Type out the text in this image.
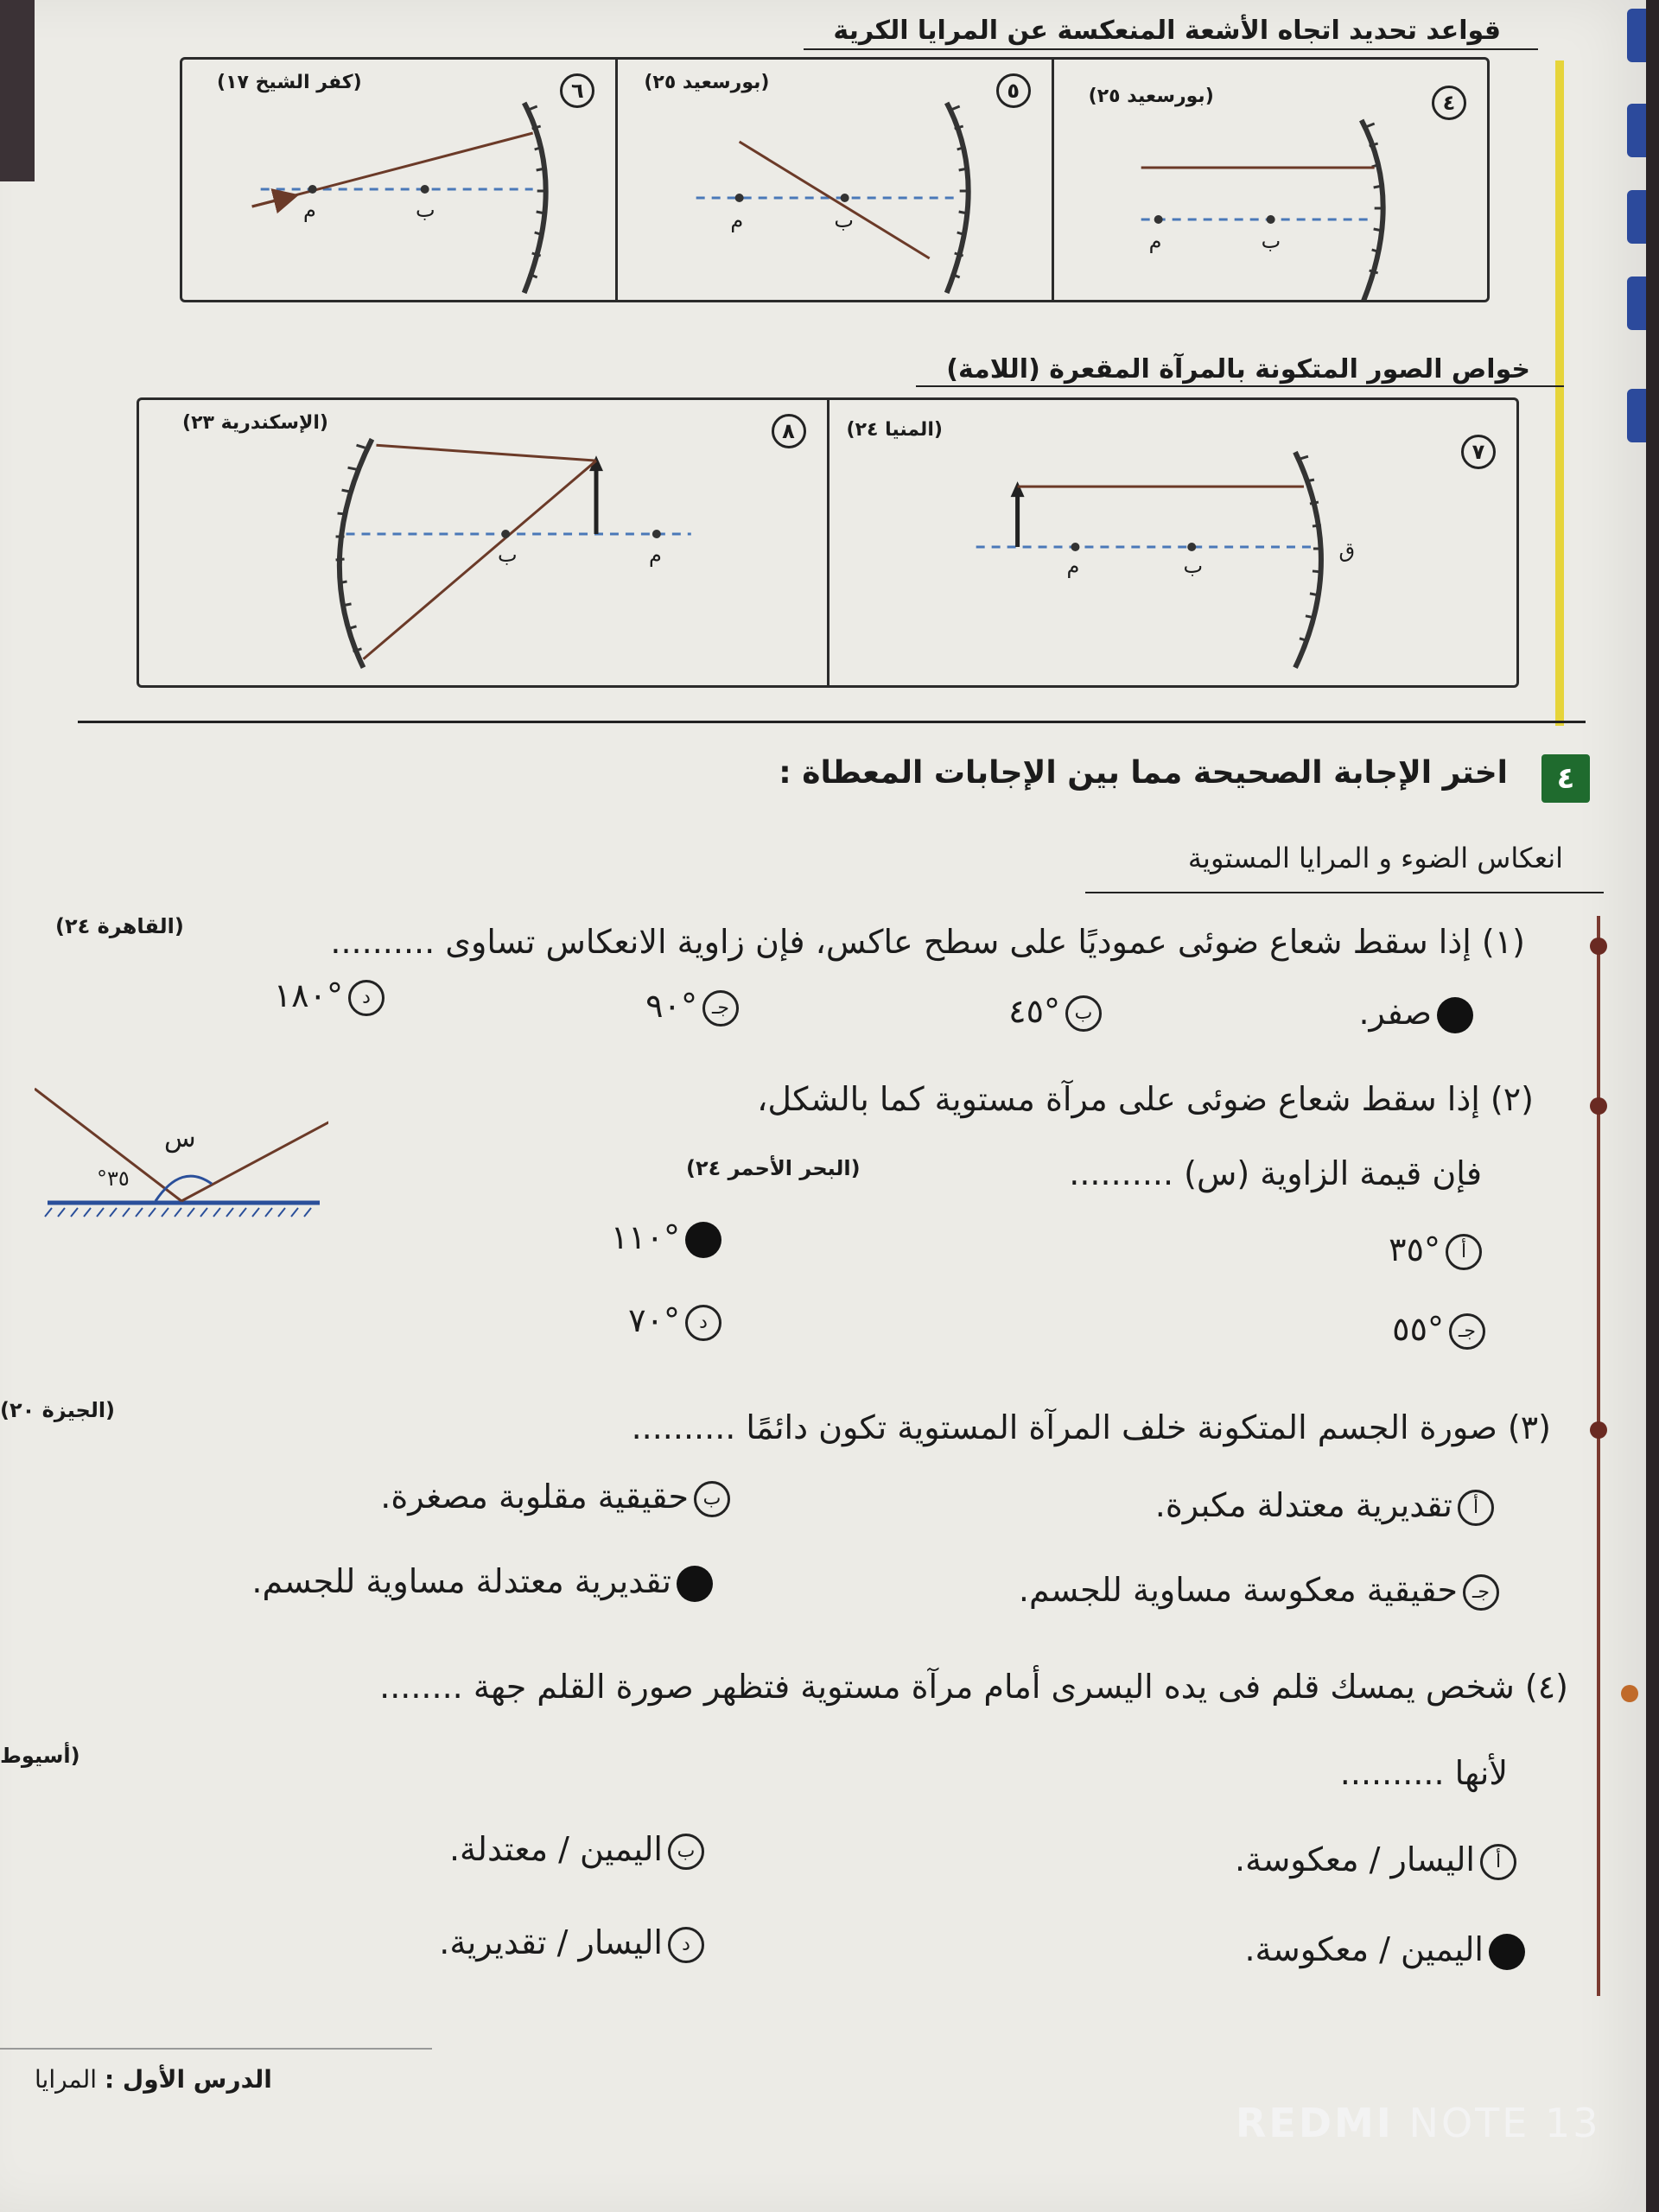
قواعد تحديد اتجاه الأشعة المنعكسة عن المرايا الكرية
٦
(كفر الشيخ ١٧)
م	ب
٥
(بورسعيد ٢٥)
م	ب
٤
(بورسعيد ٢٥)
م	ب
خواص الصور المتكونة بالمرآة المقعرة (اللامة)
٨
(الإسكندرية ٢٣)
ب	م
٧
(المنيا ٢٤)
ق
ب
م
٤
اختر الإجابة الصحيحة مما بين الإجابات المعطاة :
انعكاس الضوء و المرايا المستوية
(١) إذا سقط شعاع ضوئى عموديًا على سطح عاكس، فإن زاوية الانعكاس تساوى ..........
(القاهرة ٢٤)
صفر.
ب°٤٥
جـ°٩٠
د°١٨٠
(٢) إذا سقط شعاع ضوئى على مرآة مستوية كما بالشكل،
فإن قيمة الزاوية (س) ..........
(البحر الأحمر ٢٤)
س
°٣٥
أ°٣٥
°١١٠
جـ°٥٥
د°٧٠
(٣) صورة الجسم المتكونة خلف المرآة المستوية تكون دائمًا ..........
(الجيزة ٢٠)
أتقديرية معتدلة مكبرة.
بحقيقية مقلوبة مصغرة.
جـحقيقية معكوسة مساوية للجسم.
تقديرية معتدلة مساوية للجسم.
(٤) شخص يمسك قلم فى يده اليسرى أمام مرآة مستوية فتظهر صورة القلم جهة ........
لأنها ..........
(أسيوط
أاليسار / معكوسة.
باليمين / معتدلة.
اليمين / معكوسة.
داليسار / تقديرية.
الدرس الأول : المرايا
REDMI NOTE 13
